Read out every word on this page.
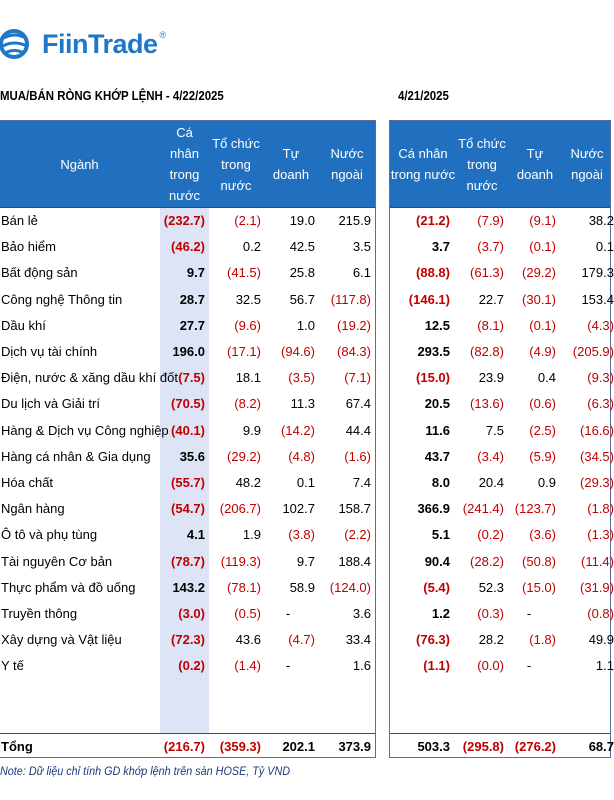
FiinTrade ®
MUA/BÁN RÒNG KHỚP LỆNH - 4/22/2025	4/21/2025
Ngành
Cá nhân
trong
nước
Tổ chức
trong
nước
Tự doanh
Nước
ngoài
Bán lẻ	(232.7)	(2.1)	19.0	215.9
Bảo hiểm	(46.2)	0.2	42.5	3.5
Bất động sản	9.7	(41.5)	25.8	6.1
Công nghệ Thông tin	28.7	32.5	56.7	(117.8)
Dầu khí	27.7	(9.6)	1.0	(19.2)
Dịch vụ tài chính	196.0	(17.1)	(94.6)	(84.3)
Điện, nước & xăng dầu khí đốt (7.5)	18.1	(3.5)	(7.1)
Du lịch và Giải trí	(70.5)	(8.2)	11.3	67.4
Hàng & Dịch vụ Công nghiệp (40.1)	9.9	(14.2)	44.4
Hàng cá nhân & Gia dụng	35.6	(29.2)	(4.8)	(1.6)
Hóa chất	(55.7)	48.2	0.1	7.4
Ngân hàng	(54.7)	(206.7)	102.7	158.7
Ô tô và phụ tùng	4.1	1.9	(3.8)	(2.2)
Tài nguyên Cơ bản	(78.7)	(119.3)	9.7	188.4
Thực phẩm và đồ uống	143.2	(78.1)	58.9	(124.0)
Truyền thông	(3.0)	(0.5)	-	3.6
Xây dựng và Vật liệu	(72.3)	43.6	(4.7)	33.4
Y tế	(0.2)	(1.4)	-	1.6
Tổng	(216.7)	(359.3)	202.1	373.9
Cá nhân
trong nước
Tổ chức
trong
nước
Tự doanh
Nước
ngoài
(21.2)	(7.9)	(9.1)	38.2
3.7	(3.7)	(0.1)	0.1
(88.8)	(61.3)	(29.2)	179.3
(146.1)	22.7	(30.1)	153.4
12.5	(8.1)	(0.1)	(4.3)
293.5	(82.8)	(4.9)	(205.9)
(15.0)	23.9	0.4	(9.3)
20.5	(13.6)	(0.6)	(6.3)
11.6	7.5	(2.5)	(16.6)
43.7	(3.4)	(5.9)	(34.5)
8.0	20.4	0.9	(29.3)
366.9 (241.4) (123.7)	(1.8)
5.1	(0.2)	(3.6)	(1.3)
90.4	(28.2)	(50.8)	(11.4)
(5.4)	52.3	(15.0)	(31.9)
1.2	(0.3)	-	(0.8)
(76.3)	28.2	(1.8)	49.9
(1.1)	(0.0)	-	1.1
503.3 (295.8) (276.2)	68.7
Note: Dữ liệu chỉ tính GD khớp lệnh trên sàn HOSE, Tỷ VND
